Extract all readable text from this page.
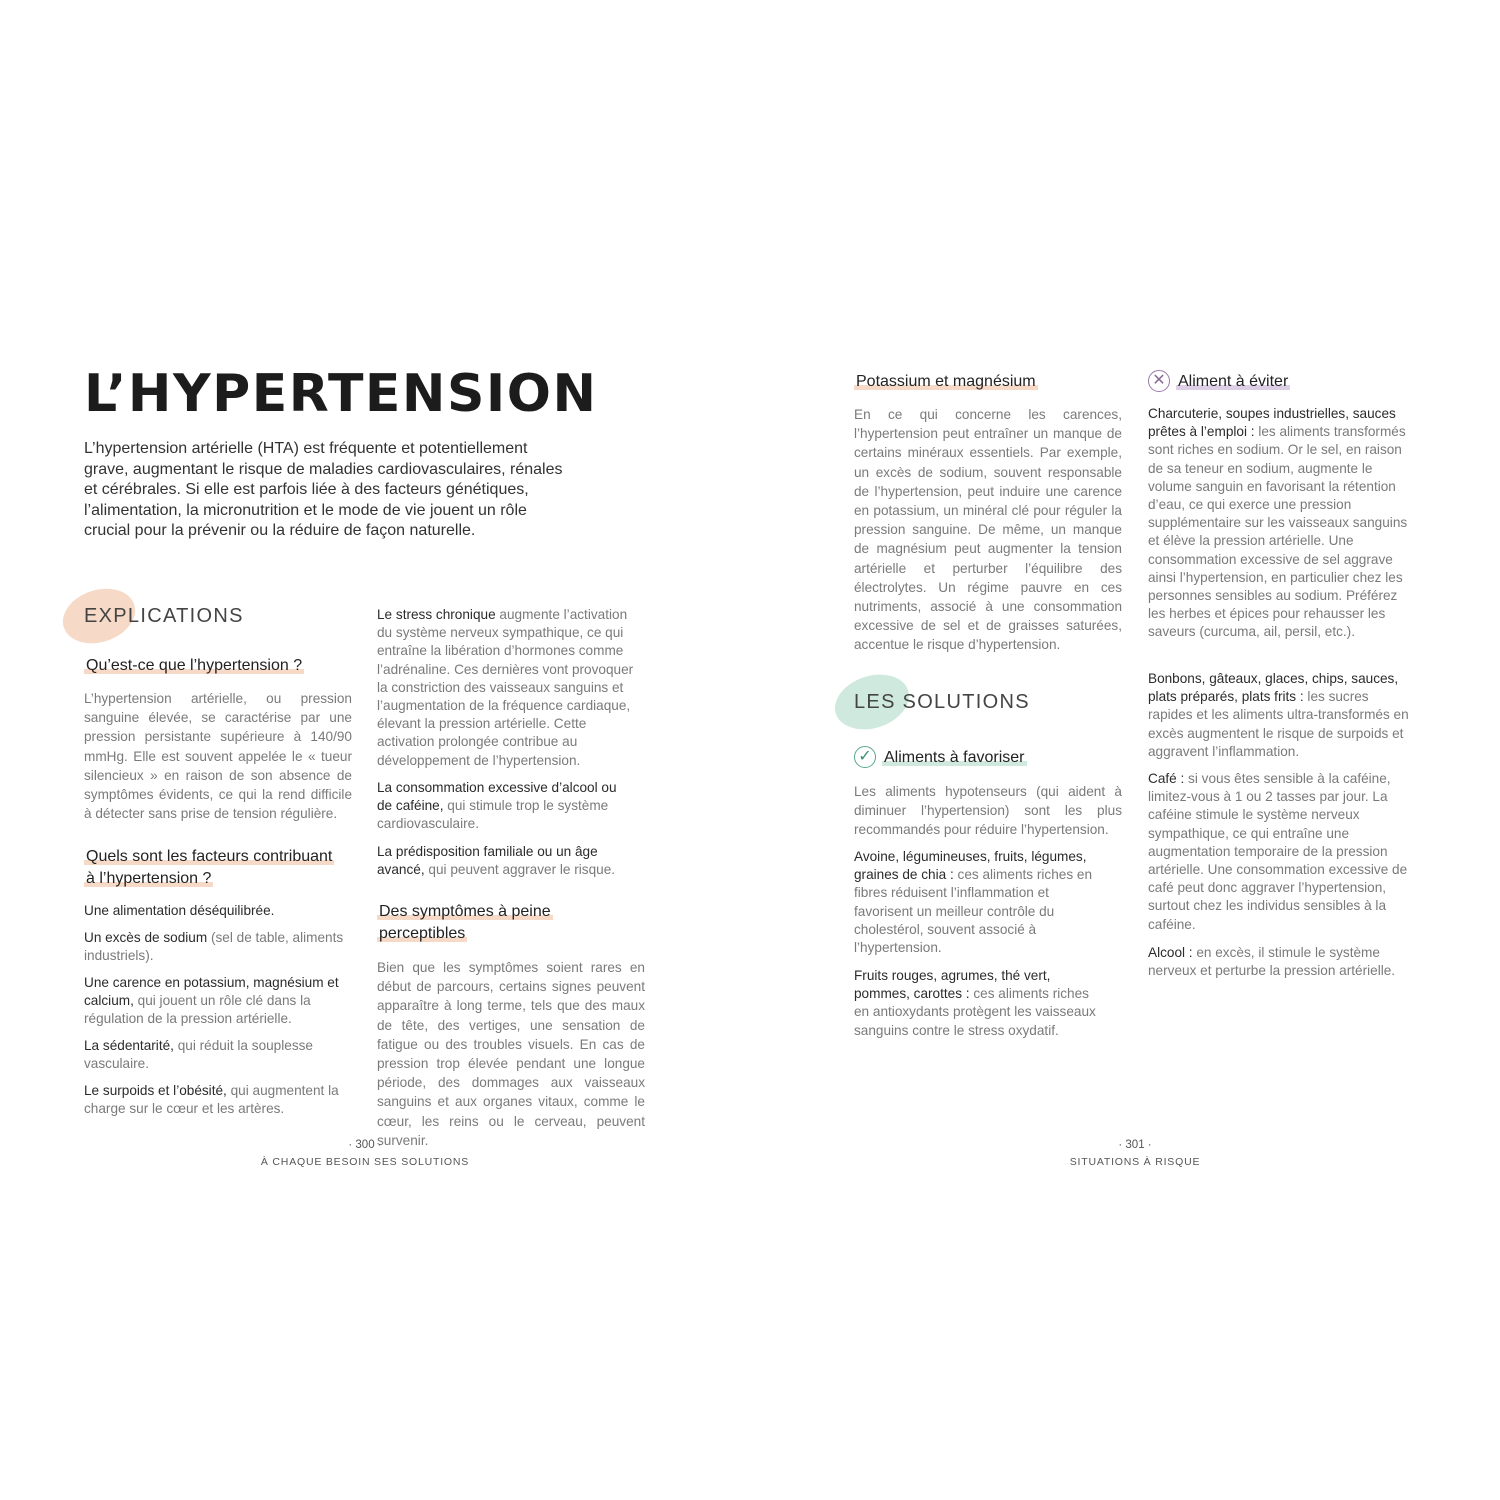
L’HYPERTENSION

L’hypertension artérielle (HTA) est fréquente et potentiellement grave, augmentant le risque de maladies cardiovasculaires, rénales et cérébrales. Si elle est parfois liée à des facteurs génétiques, l’alimentation, la micronutrition et le mode de vie jouent un rôle crucial pour la prévenir ou la réduire de façon naturelle.

EXPLICATIONS
Qu’est-ce que l’hypertension ?

L’hypertension artérielle, ou pression sanguine élevée, se caractérise par une pression persistante supérieure à 140/90 mmHg. Elle est souvent appelée le « tueur silencieux » en raison de son absence de symptômes évidents, ce qui la rend difficile à détecter sans prise de tension régulière.

Quels sont les facteurs contribuant
à l’hypertension ?

Une alimentation déséquilibrée.

Un excès de sodium (sel de table, aliments industriels).

Une carence en potassium, magnésium et calcium, qui jouent un rôle clé dans la régulation de la pression artérielle.

La sédentarité, qui réduit la souplesse vasculaire.

Le surpoids et l’obésité, qui augmentent la charge sur le cœur et les artères.

Le stress chronique augmente l’activation du système nerveux sympathique, ce qui entraîne la libération d’hormones comme l’adrénaline. Ces dernières vont provoquer la constriction des vaisseaux sanguins et l’augmentation de la fréquence cardiaque, élevant la pression artérielle. Cette activation prolongée contribue au développement de l’hypertension.

La consommation excessive d’alcool ou de caféine, qui stimule trop le système cardiovasculaire.

La prédisposition familiale ou un âge avancé, qui peuvent aggraver le risque.

Des symptômes à peine
perceptibles

Bien que les symptômes soient rares en début de parcours, certains signes peuvent apparaître à long terme, tels que des maux de tête, des vertiges, une sensation de fatigue ou des troubles visuels. En cas de pression trop élevée pendant une longue période, des dommages aux vaisseaux sanguins et aux organes vitaux, comme le cœur, les reins ou le cerveau, peuvent survenir.

· 300 ·
À CHAQUE BESOIN SES SOLUTIONS
Potassium et magnésium

En ce qui concerne les carences, l’hypertension peut entraîner un manque de certains minéraux essentiels. Par exemple, un excès de sodium, souvent responsable de l’hypertension, peut induire une carence en potassium, un minéral clé pour réguler la pression sanguine. De même, un manque de magnésium peut augmenter la tension artérielle et perturber l’équilibre des électrolytes. Un régime pauvre en ces nutriments, associé à une consommation excessive de sel et de graisses saturées, accentue le risque d’hypertension.

LES SOLUTIONS
✓ Aliments à favoriser

Les aliments hypotenseurs (qui aident à diminuer l’hypertension) sont les plus recommandés pour réduire l’hypertension.

Avoine, légumineuses, fruits, légumes, graines de chia : ces aliments riches en fibres réduisent l’inflammation et favorisent un meilleur contrôle du cholestérol, souvent associé à l’hypertension.

Fruits rouges, agrumes, thé vert, pommes, carottes : ces aliments riches en antioxydants protègent les vaisseaux sanguins contre le stress oxydatif.

✕ Aliment à éviter

Charcuterie, soupes industrielles, sauces prêtes à l’emploi : les aliments transformés sont riches en sodium. Or le sel, en raison de sa teneur en sodium, augmente le volume sanguin en favorisant la rétention d’eau, ce qui exerce une pression supplémentaire sur les vaisseaux sanguins et élève la pression artérielle. Une consommation excessive de sel aggrave ainsi l’hypertension, en particulier chez les personnes sensibles au sodium. Préférez les herbes et épices pour rehausser les saveurs (curcuma, ail, persil, etc.).

Bonbons, gâteaux, glaces, chips, sauces, plats préparés, plats frits : les sucres rapides et les aliments ultra-transformés en excès augmentent le risque de surpoids et aggravent l’inflammation.

Café : si vous êtes sensible à la caféine, limitez-vous à 1 ou 2 tasses par jour. La caféine stimule le système nerveux sympathique, ce qui entraîne une augmentation temporaire de la pression artérielle. Une consommation excessive de café peut donc aggraver l’hypertension, surtout chez les individus sensibles à la caféine.

Alcool : en excès, il stimule le système nerveux et perturbe la pression artérielle.

· 301 ·
SITUATIONS À RISQUE
